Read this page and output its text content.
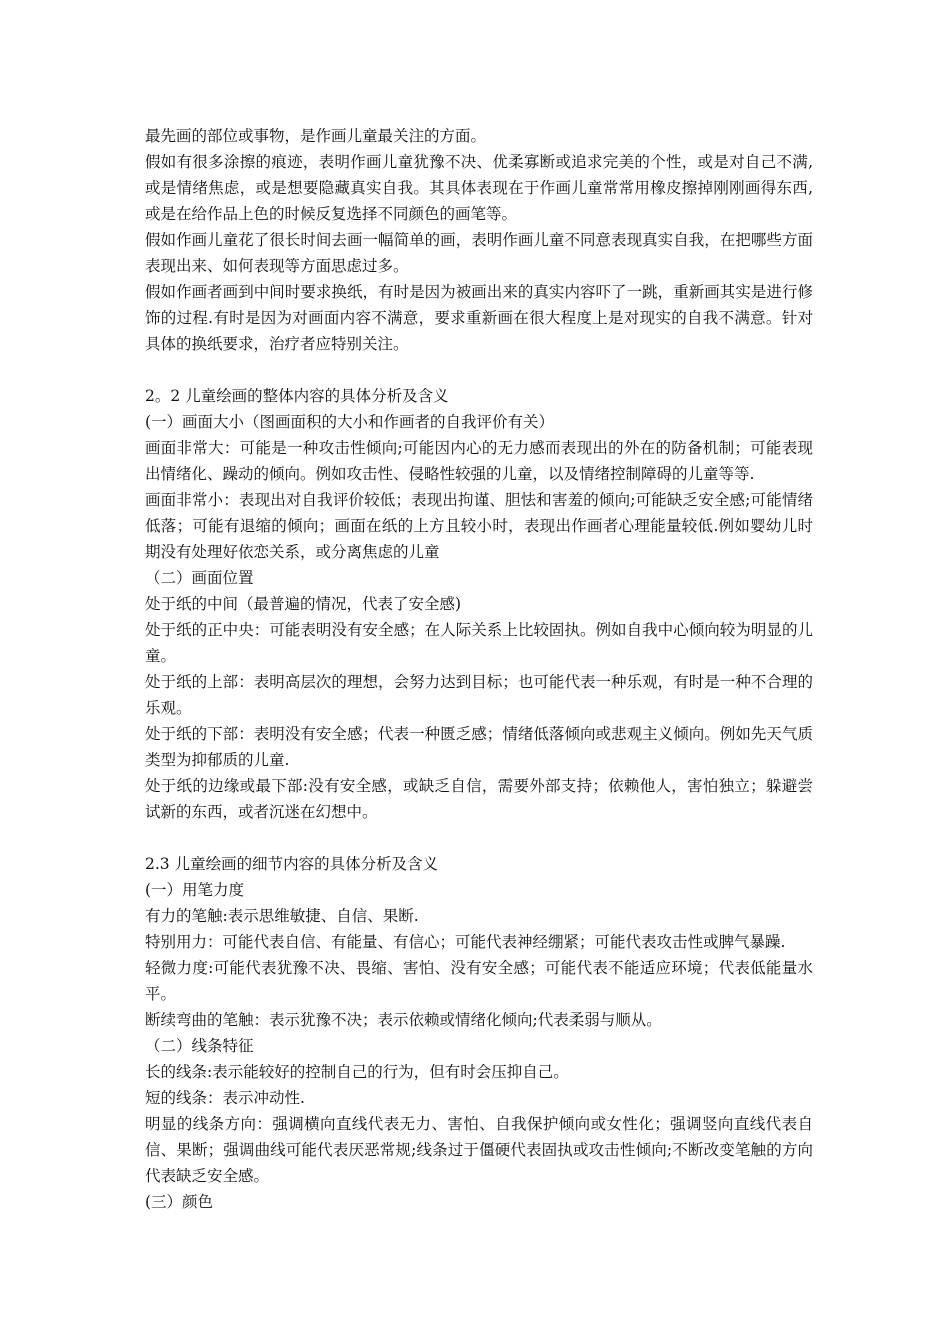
最先画的部位或事物，是作画儿童最关注的方面。

假如有很多涂擦的痕迹，表明作画儿童犹豫不决、优柔寡断或追求完美的个性，或是对自己不满,或是情绪焦虑，或是想要隐藏真实自我。其具体表现在于作画儿童常常用橡皮擦掉刚刚画得东西,或是在给作品上色的时候反复选择不同颜色的画笔等。

假如作画儿童花了很长时间去画一幅简单的画，表明作画儿童不同意表现真实自我，在把哪些方面表现出来、如何表现等方面思虑过多。

假如作画者画到中间时要求换纸，有时是因为被画出来的真实内容吓了一跳，重新画其实是进行修饰的过程.有时是因为对画面内容不满意，要求重新画在很大程度上是对现实的自我不满意。针对具体的换纸要求，治疗者应特别关注。

2。2 儿童绘画的整体内容的具体分析及含义

(一）画面大小（图画面积的大小和作画者的自我评价有关）

画面非常大：可能是一种攻击性倾向;可能因内心的无力感而表现出的外在的防备机制；可能表现出情绪化、躁动的倾向。例如攻击性、侵略性较强的儿童，以及情绪控制障碍的儿童等等.

画面非常小：表现出对自我评价较低；表现出拘谨、胆怯和害羞的倾向;可能缺乏安全感;可能情绪低落；可能有退缩的倾向；画面在纸的上方且较小时，表现出作画者心理能量较低.例如婴幼儿时期没有处理好依恋关系，或分离焦虑的儿童

（二）画面位置

处于纸的中间（最普遍的情况，代表了安全感)

处于纸的正中央：可能表明没有安全感；在人际关系上比较固执。例如自我中心倾向较为明显的儿童。

处于纸的上部：表明高层次的理想，会努力达到目标；也可能代表一种乐观，有时是一种不合理的乐观。

处于纸的下部：表明没有安全感；代表一种匮乏感；情绪低落倾向或悲观主义倾向。例如先天气质类型为抑郁质的儿童.

处于纸的边缘或最下部:没有安全感，或缺乏自信，需要外部支持；依赖他人，害怕独立；躲避尝试新的东西，或者沉迷在幻想中。

2.3 儿童绘画的细节内容的具体分析及含义

(一）用笔力度

有力的笔触:表示思维敏捷、自信、果断.

特别用力：可能代表自信、有能量、有信心；可能代表神经绷紧；可能代表攻击性或脾气暴躁.

轻微力度:可能代表犹豫不决、畏缩、害怕、没有安全感；可能代表不能适应环境；代表低能量水平。

断续弯曲的笔触：表示犹豫不决；表示依赖或情绪化倾向;代表柔弱与顺从。

（二）线条特征

长的线条:表示能较好的控制自己的行为，但有时会压抑自己。

短的线条：表示冲动性.

明显的线条方向：强调横向直线代表无力、害怕、自我保护倾向或女性化；强调竖向直线代表自信、果断；强调曲线可能代表厌恶常规;线条过于僵硬代表固执或攻击性倾向;不断改变笔触的方向代表缺乏安全感。

(三）颜色
